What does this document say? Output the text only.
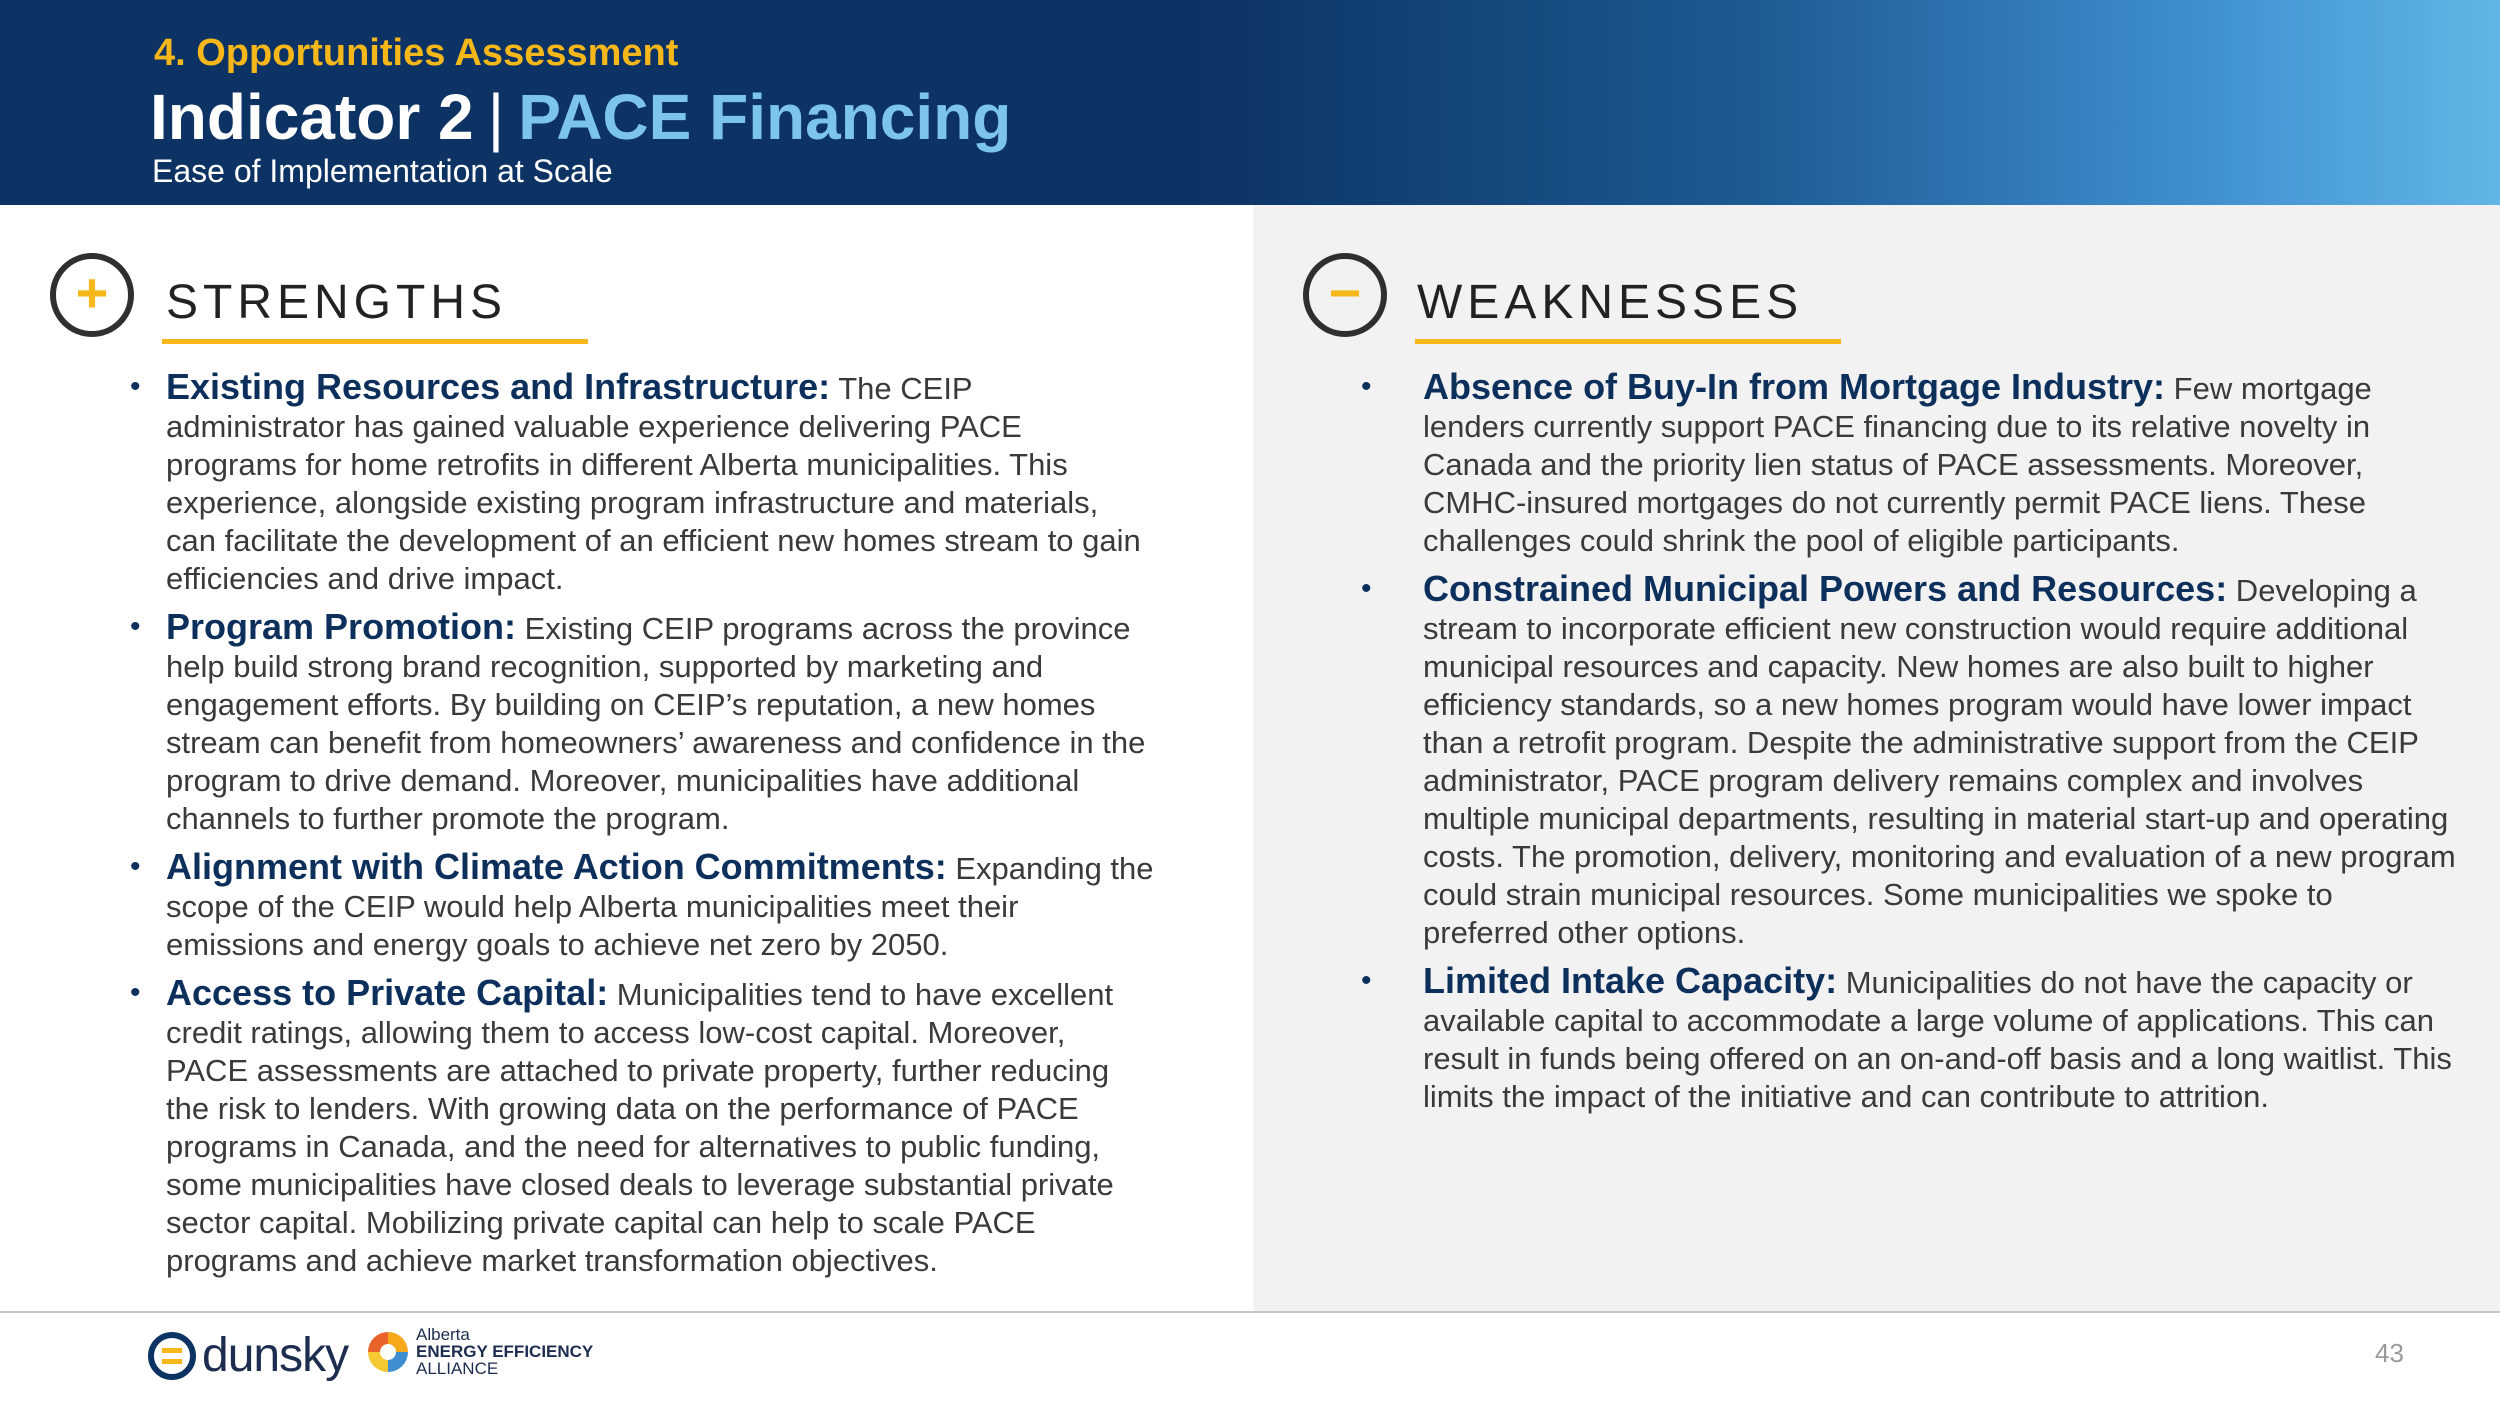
4. Opportunities Assessment
Indicator 2 | PACE Financing
Ease of Implementation at Scale
+ STRENGTHS
• Existing Resources and Infrastructure: The CEIP administrator has gained valuable experience delivering PACE programs for home retrofits in different Alberta municipalities. This experience, alongside existing program infrastructure and materials, can facilitate the development of an efficient new homes stream to gain efficiencies and drive impact.
• Program Promotion: Existing CEIP programs across the province help build strong brand recognition, supported by marketing and engagement efforts. By building on CEIP’s reputation, a new homes stream can benefit from homeowners’ awareness and confidence in the program to drive demand. Moreover, municipalities have additional channels to further promote the program.
• Alignment with Climate Action Commitments: Expanding the scope of the CEIP would help Alberta municipalities meet their emissions and energy goals to achieve net zero by 2050.
• Access to Private Capital: Municipalities tend to have excellent credit ratings, allowing them to access low-cost capital. Moreover, PACE assessments are attached to private property, further reducing the risk to lenders. With growing data on the performance of PACE programs in Canada, and the need for alternatives to public funding, some municipalities have closed deals to leverage substantial private sector capital. Mobilizing private capital can help to scale PACE programs and achieve market transformation objectives.
− WEAKNESSES
• Absence of Buy-In from Mortgage Industry: Few mortgage lenders currently support PACE financing due to its relative novelty in Canada and the priority lien status of PACE assessments. Moreover, CMHC-insured mortgages do not currently permit PACE liens. These challenges could shrink the pool of eligible participants.
• Constrained Municipal Powers and Resources: Developing a stream to incorporate efficient new construction would require additional municipal resources and capacity. New homes are also built to higher efficiency standards, so a new homes program would have lower impact than a retrofit program. Despite the administrative support from the CEIP administrator, PACE program delivery remains complex and involves multiple municipal departments, resulting in material start-up and operating costs. The promotion, delivery, monitoring and evaluation of a new program could strain municipal resources. Some municipalities we spoke to preferred other options.
• Limited Intake Capacity: Municipalities do not have the capacity or available capital to accommodate a large volume of applications. This can result in funds being offered on an on-and-off basis and a long waitlist. This limits the impact of the initiative and can contribute to attrition.
dunsky	Alberta
ENERGY EFFICIENCY
ALLIANCE
43
